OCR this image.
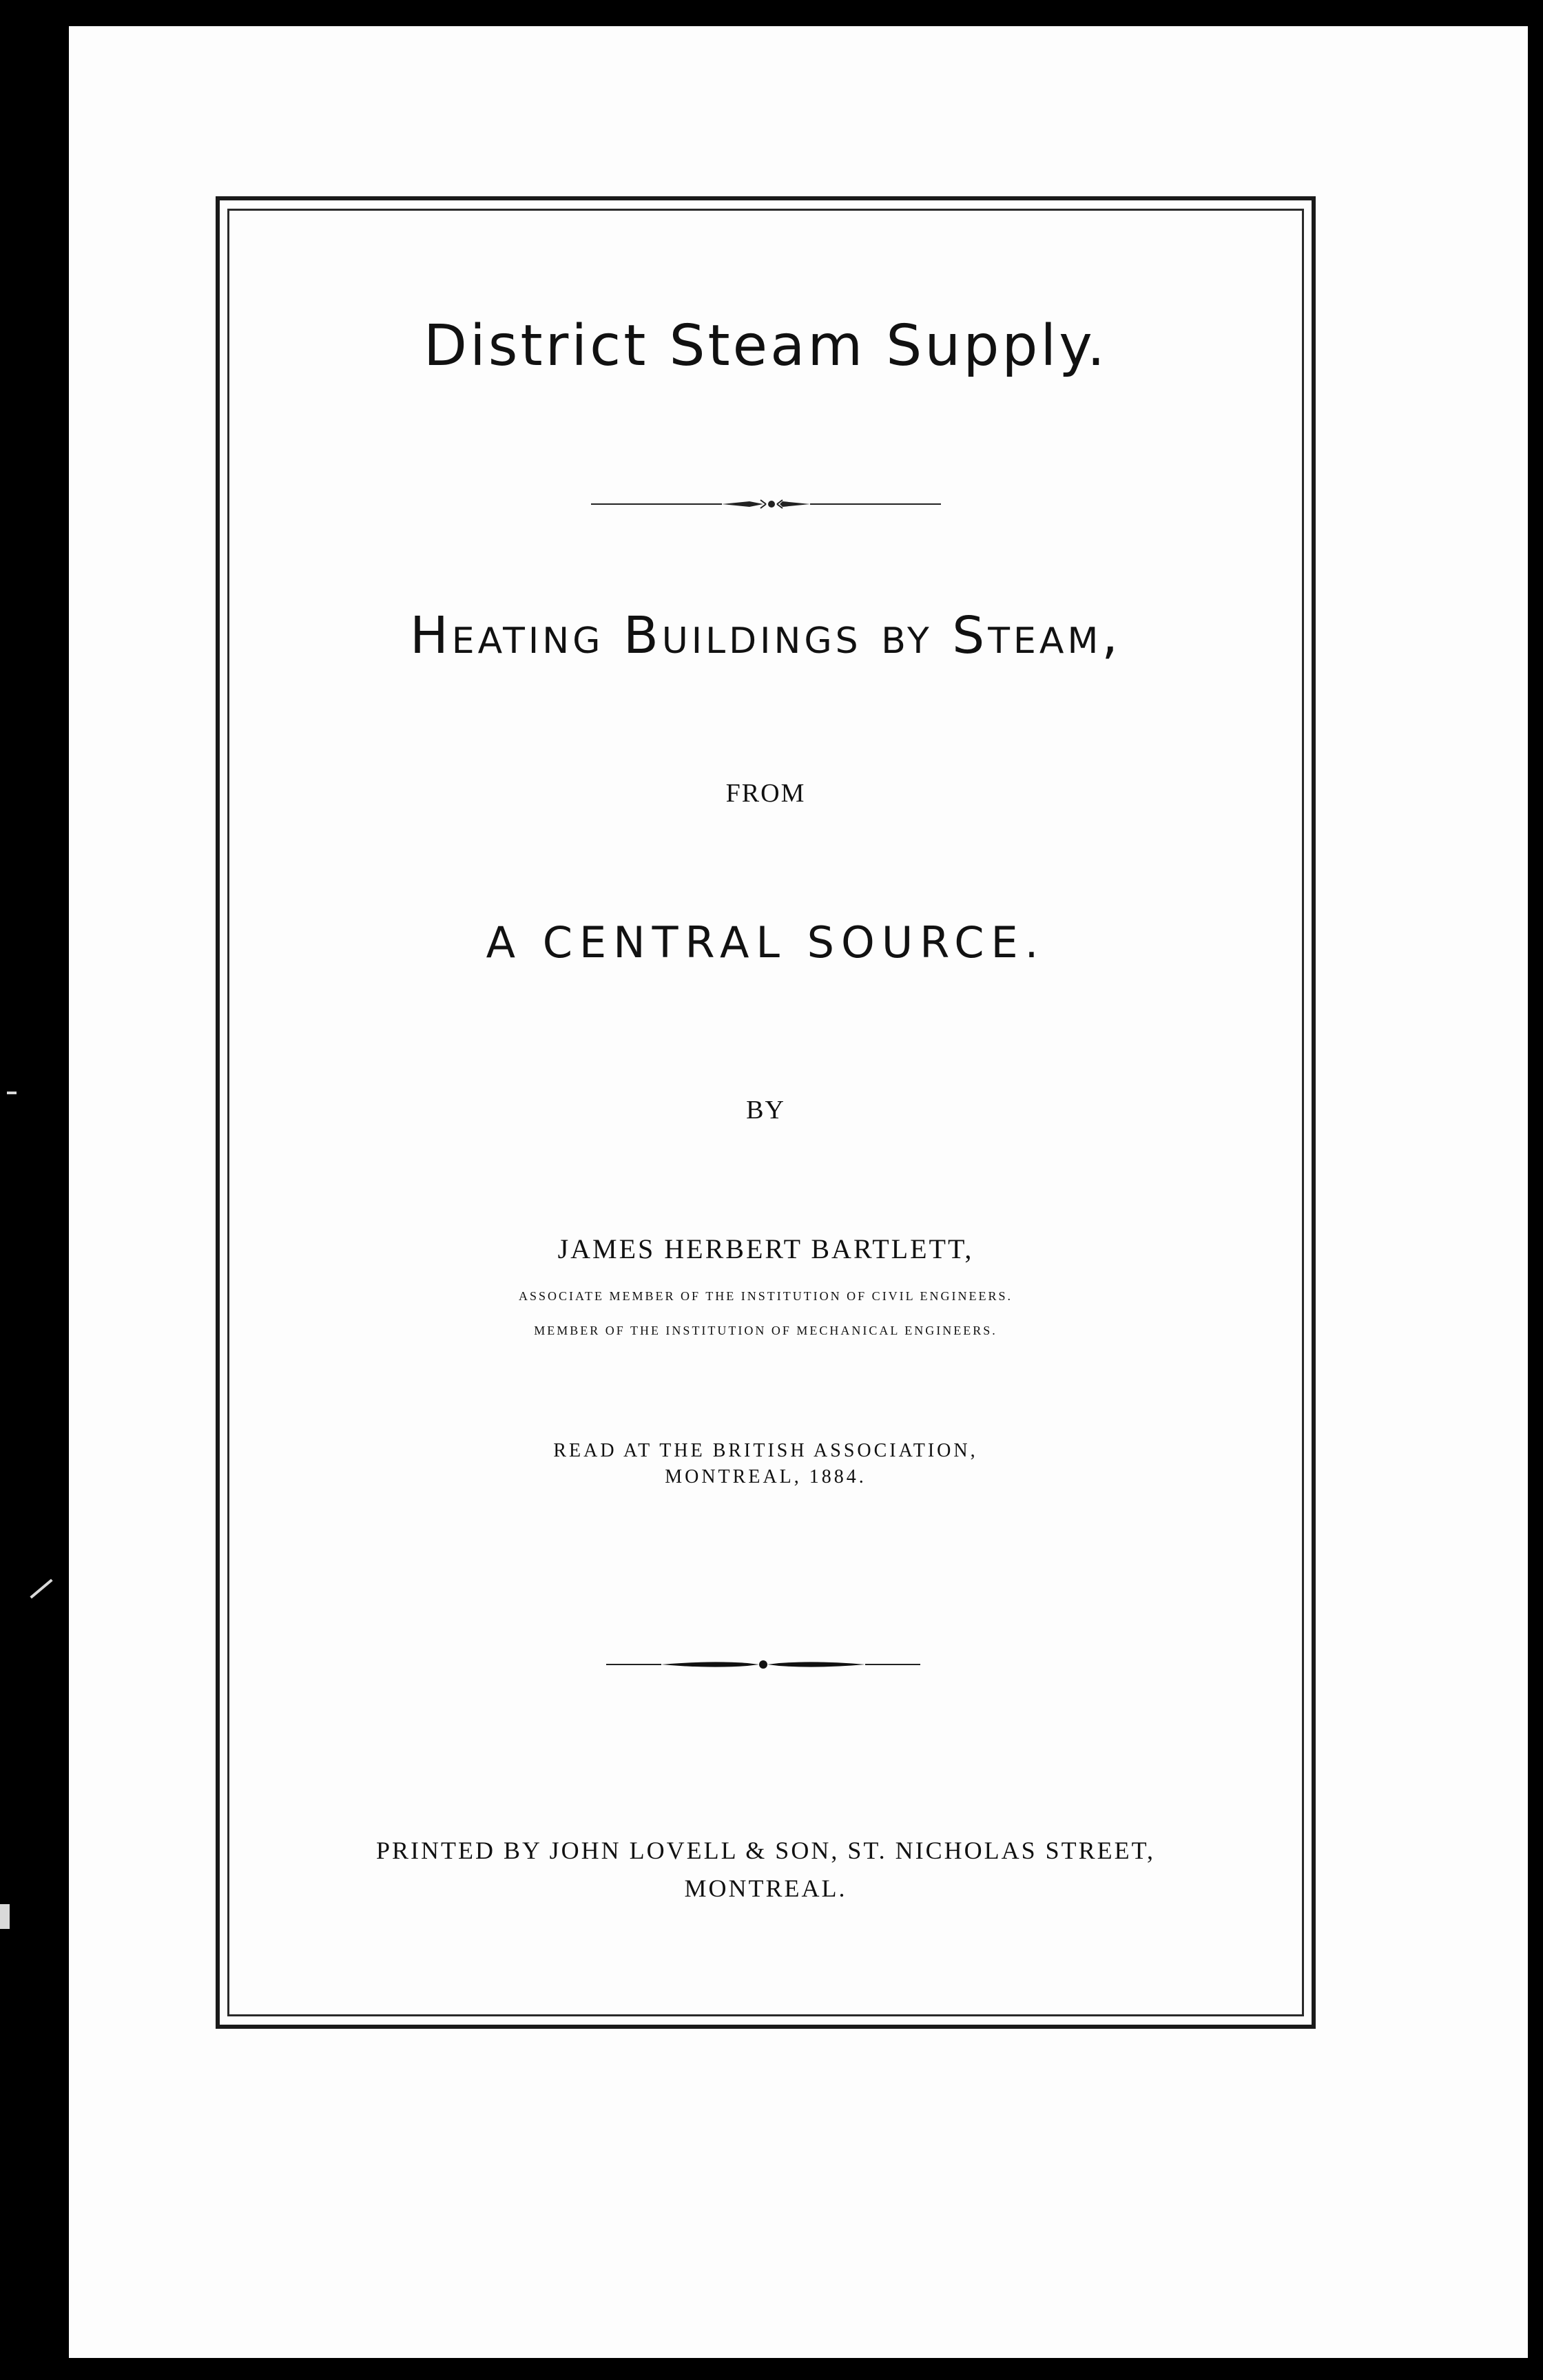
District Steam Supply.
Heating Buildings by Steam,
FROM
A CENTRAL SOURCE.
BY
JAMES HERBERT BARTLETT,
ASSOCIATE MEMBER OF THE INSTITUTION OF CIVIL ENGINEERS.
MEMBER OF THE INSTITUTION OF MECHANICAL ENGINEERS.
READ AT THE BRITISH ASSOCIATION,
MONTREAL, 1884.
PRINTED BY JOHN LOVELL & SON, ST. NICHOLAS STREET,
MONTREAL.
